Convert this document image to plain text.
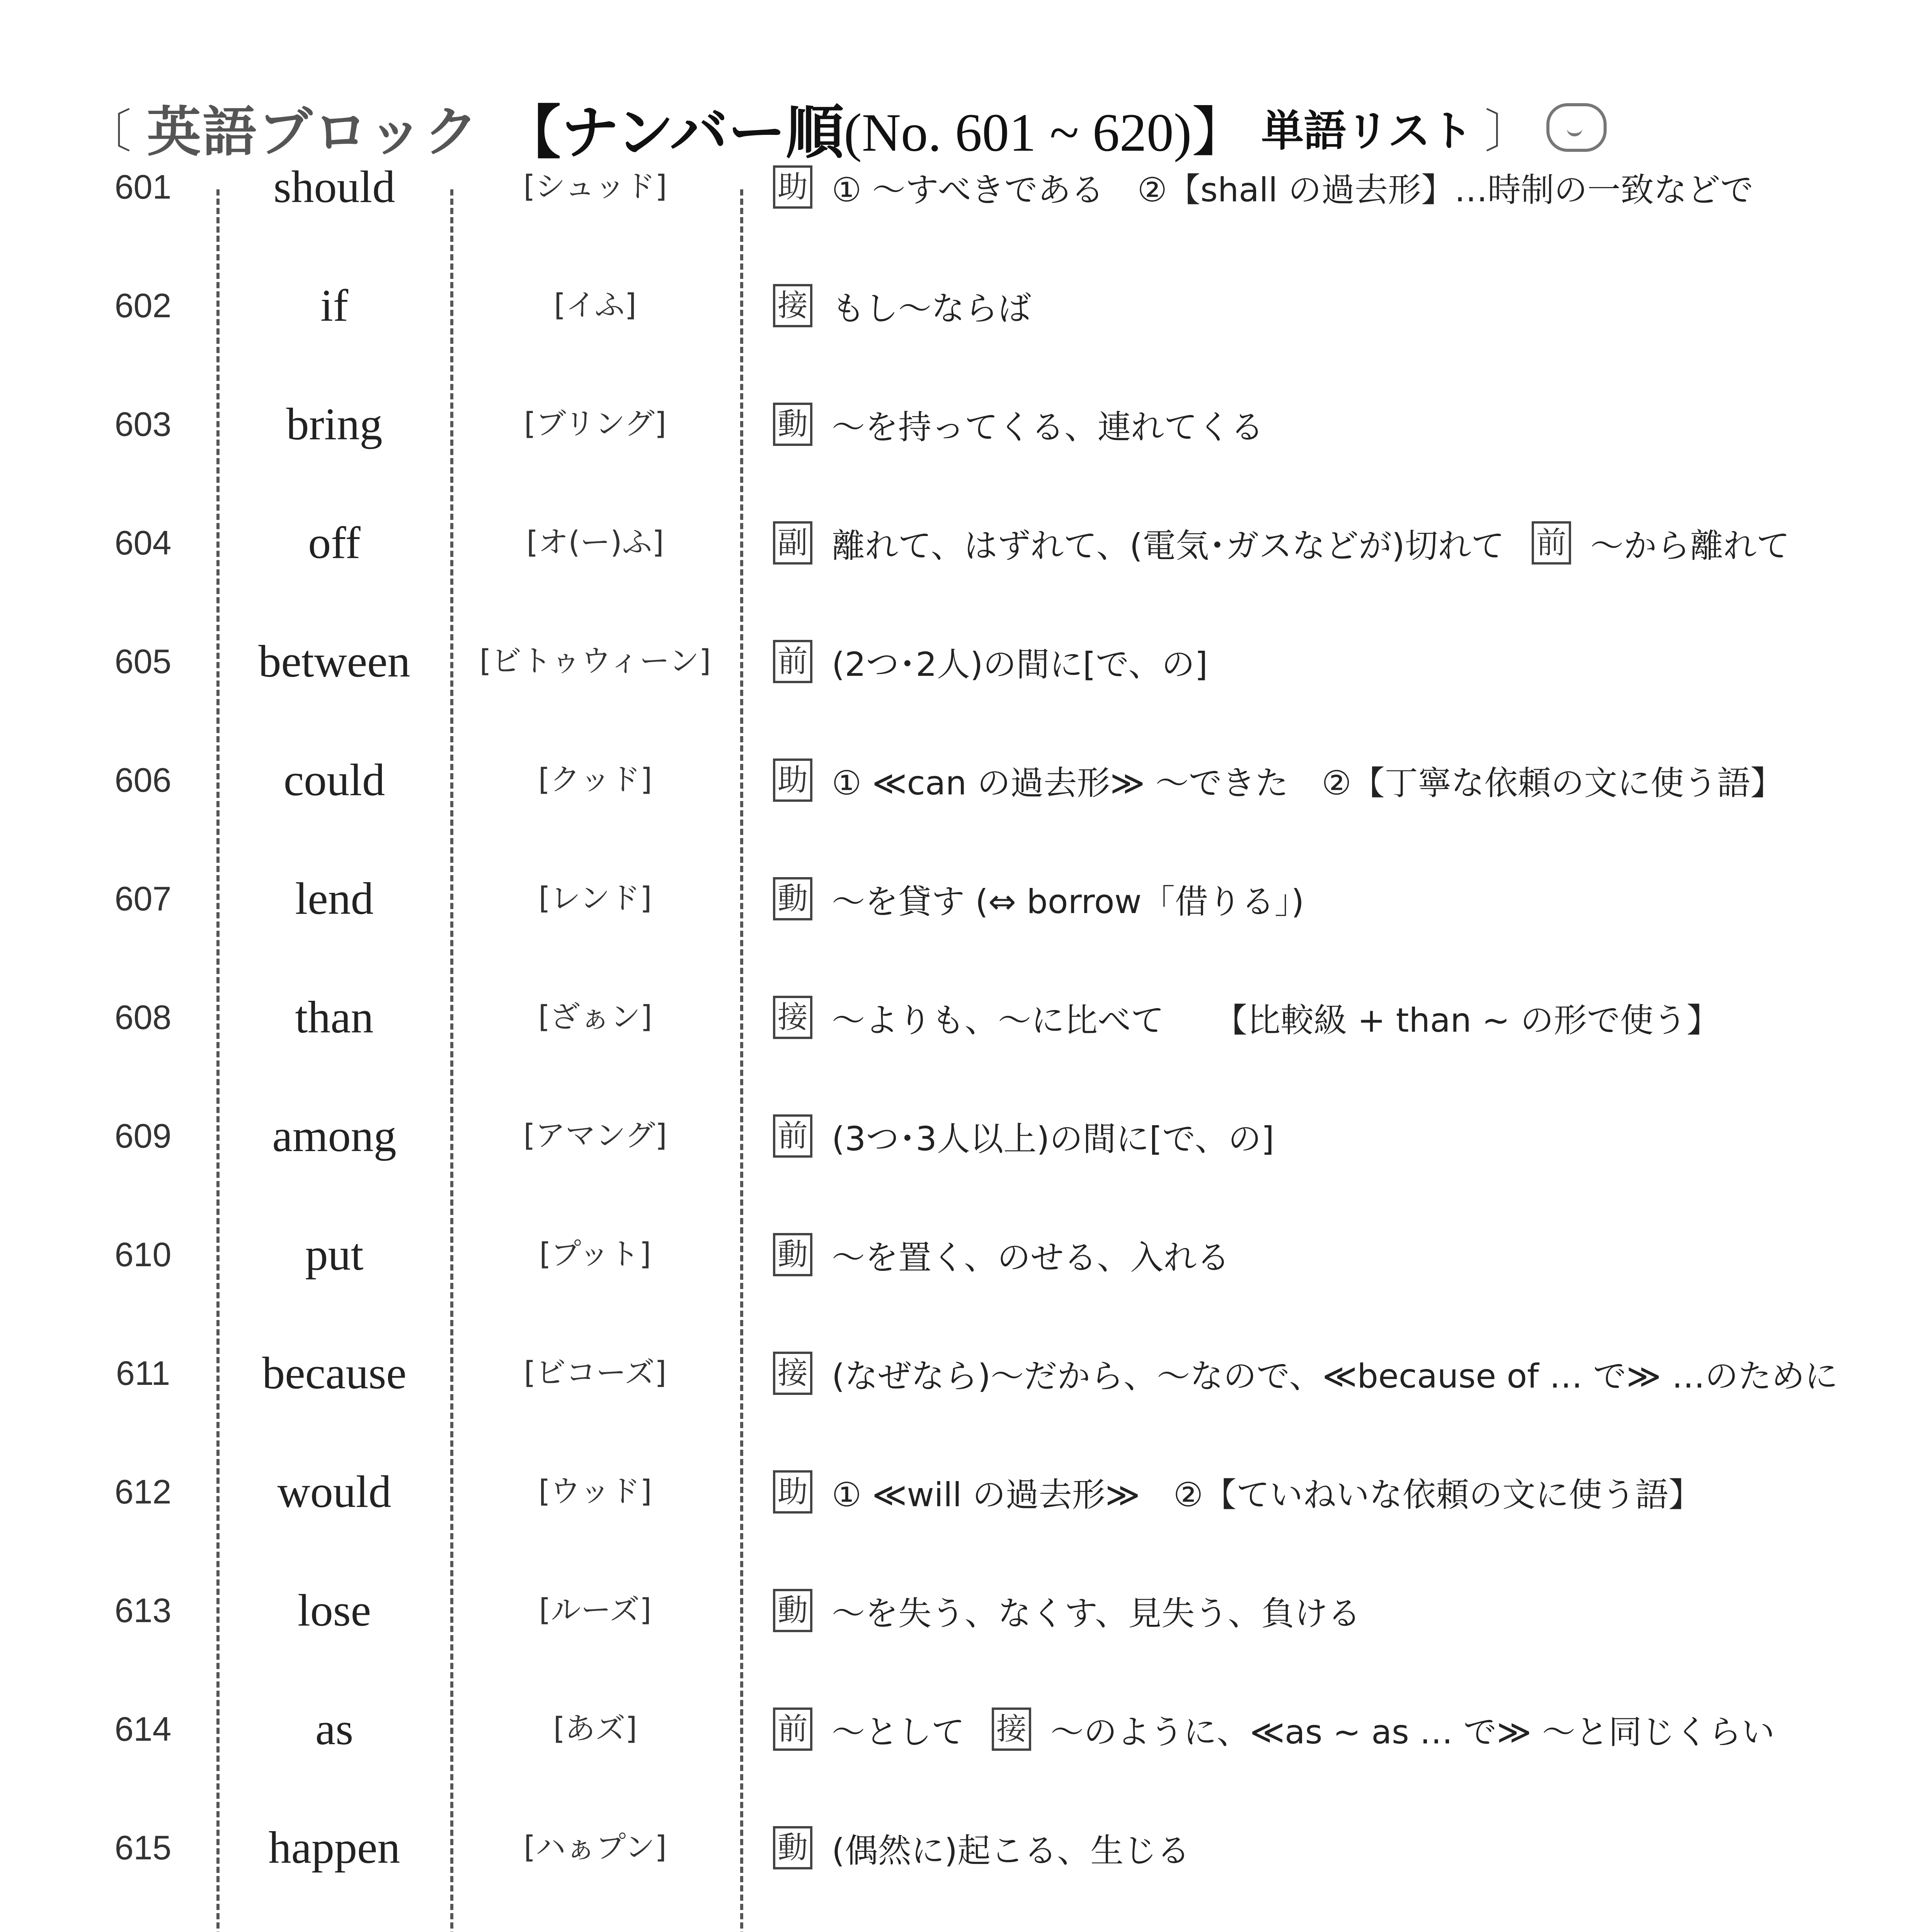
〔 英語ブロック 【ナンバー順 (No. 601 ~ 620)】 単語リスト 〕
601	should	[シュッド]	助 ① ～すべきである　②【shall の過去形】…時制の一致などで
602	if	[イふ]	接 もし～ならば
603	bring	[ブリング]	動 ～を持ってくる、連れてくる
604	off	[オ(ー)ふ]	副 離れて、はずれて、(電気･ガスなどが)切れて 前 ～から離れて
605	between	[ビトゥウィーン]	前 (2つ･2人)の間に[で、の]
606	could	[クッド]	助 ① ≪can の過去形≫ ～できた　②【丁寧な依頼の文に使う語】
607	lend	[レンド]	動 ～を貸す (⇔ borrow「借りる」)
608	than	[ざぁン]	接 ～よりも、～に比べて　　【比較級 + than ~ の形で使う】
609	among	[アマング]	前 (3つ･3人以上)の間に[で、の]
610	put	[プット]	動 ～を置く、のせる、入れる
611	because	[ビコーズ]	接 (なぜなら)～だから、～なので、≪because of … で≫ …のために
612	would	[ウッド]	助 ① ≪will の過去形≫　②【ていねいな依頼の文に使う語】
613	lose	[ルーズ]	動 ～を失う、なくす、見失う、負ける
614	as	[あズ]	前 ～として 接 ～のように、≪as ~ as … で≫ ～と同じくらい
615	happen	[ハぁプン]	動 (偶然に)起こる、生じる
